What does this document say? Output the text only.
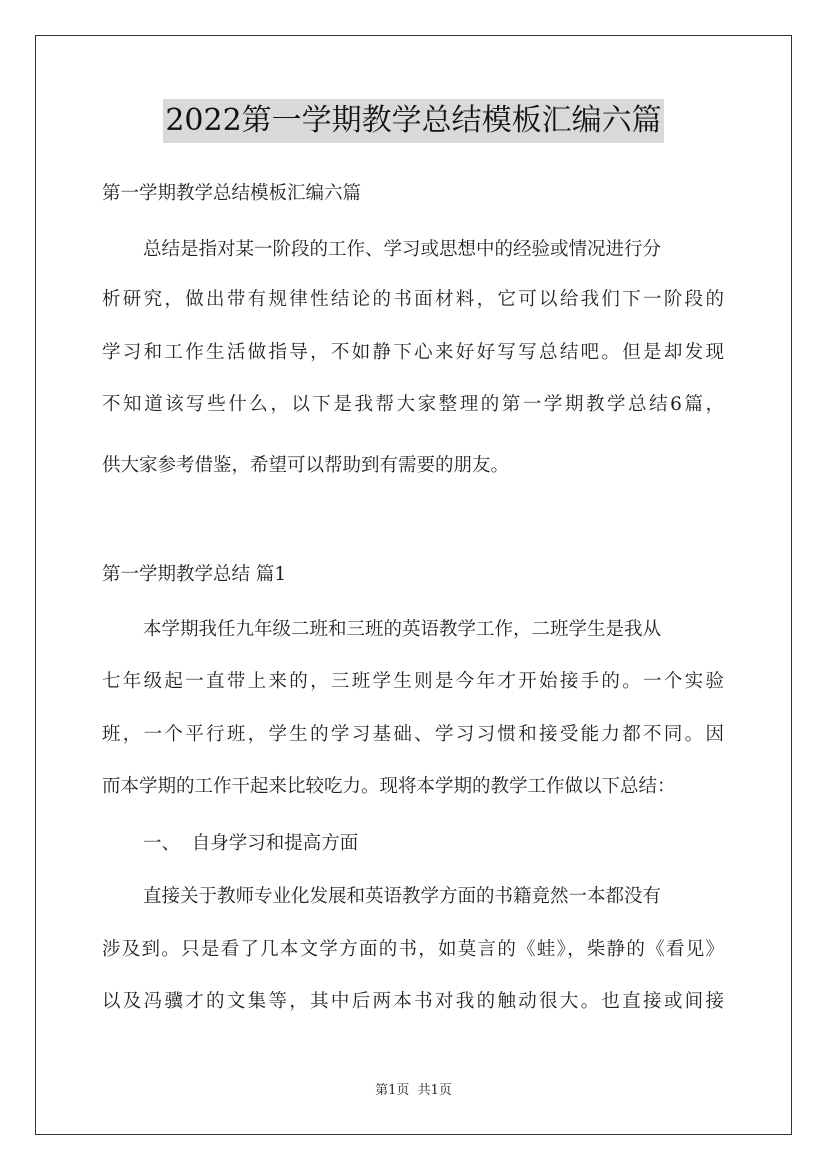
2022第一学期教学总结模板汇编六篇
第一学期教学总结模板汇编六篇
总结是指对某一阶段的工作、学习或思想中的经验或情况进行分
析研究，做出带有规律性结论的书面材料，它可以给我们下一阶段的
学习和工作生活做指导，不如静下心来好好写写总结吧。但是却发现
不知道该写些什么，以下是我帮大家整理的第一学期教学总结6篇，
供大家参考借鉴，希望可以帮助到有需要的朋友。
第一学期教学总结 篇1
本学期我任九年级二班和三班的英语教学工作，二班学生是我从
七年级起一直带上来的，三班学生则是今年才开始接手的。一个实验
班，一个平行班，学生的学习基础、学习习惯和接受能力都不同。因
而本学期的工作干起来比较吃力。现将本学期的教学工作做以下总结：
一、  自身学习和提高方面
直接关于教师专业化发展和英语教学方面的书籍竟然一本都没有
涉及到。只是看了几本文学方面的书，如莫言的《蛙》，柴静的《看见》
以及冯骥才的文集等，其中后两本书对我的触动很大。也直接或间接
第1页  共1页
